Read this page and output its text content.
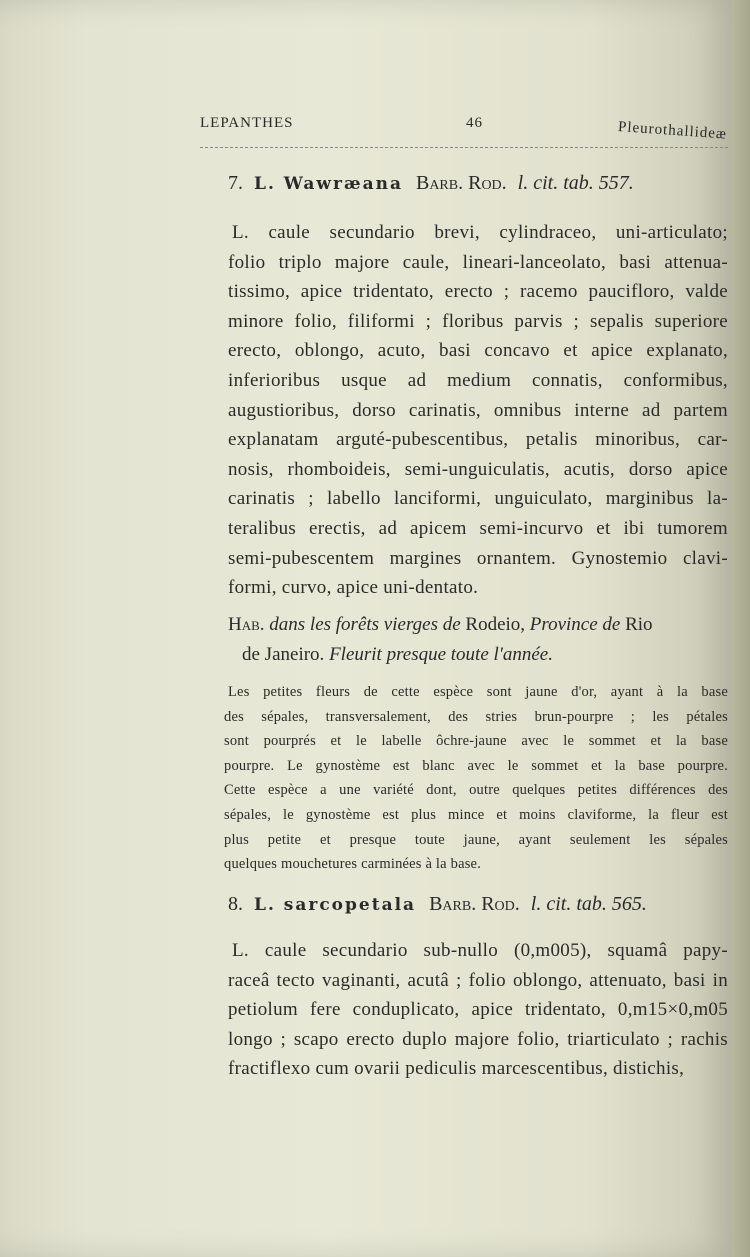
LEPANTHES	46	Pleurothallideæ
7. L. Wawræana Barb. Rod. l. cit. tab. 557.
L. caule secundario brevi, cylindraceo, uni-articulato;
folio triplo majore caule, lineari-lanceolato, basi attenua-
tissimo, apice tridentato, erecto ; racemo paucifloro, valde
minore folio, filiformi ; floribus parvis ; sepalis superiore
erecto, oblongo, acuto, basi concavo et apice explanato,
inferioribus usque ad medium connatis, conformibus,
augustioribus, dorso carinatis, omnibus interne ad partem
explanatam arguté-pubescentibus, petalis minoribus, car-
nosis, rhomboideis, semi-unguiculatis, acutis, dorso apice
carinatis ; labello lanciformi, unguiculato, marginibus la-
teralibus erectis, ad apicem semi-incurvo et ibi tumorem
semi-pubescentem margines ornantem. Gynostemio clavi-
formi, curvo, apice uni-dentato.
Hab. dans les forêts vierges de Rodeio, Province de Rio
de Janeiro. Fleurit presque toute l'année.
Les petites fleurs de cette espèce sont jaune d'or, ayant à la base
des sépales, transversalement, des stries brun-pourpre ; les pétales
sont pourprés et le labelle ôchre-jaune avec le sommet et la base
pourpre. Le gynostème est blanc avec le sommet et la base pourpre.
Cette espèce a une variété dont, outre quelques petites différences des
sépales, le gynostème est plus mince et moins claviforme, la fleur est
plus petite et presque toute jaune, ayant seulement les sépales
quelques mouchetures carminées à la base.
8. L. sarcopetala Barb. Rod. l. cit. tab. 565.
L. caule secundario sub-nullo (0,m005), squamâ papy-
raceâ tecto vaginanti, acutâ ; folio oblongo, attenuato, basi in
petiolum fere conduplicato, apice tridentato, 0,m15×0,m05
longo ; scapo erecto duplo majore folio, triarticulato ; rachis
fractiflexo cum ovarii pediculis marcescentibus, distichis,
